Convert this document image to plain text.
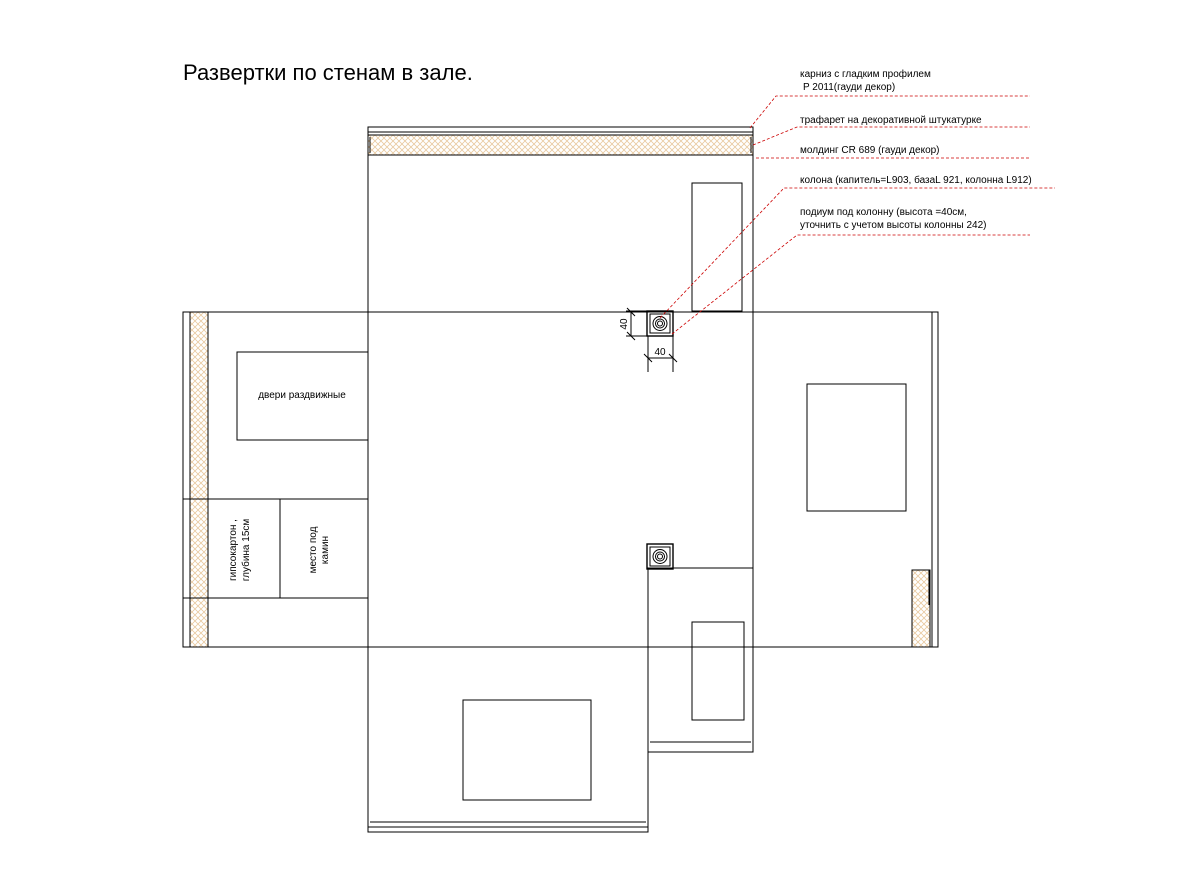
Развертки по стенам в зале.	карниз с гладким профилем
P 2011(гауди декор)
трафарет на декоративной штукатурке
молдинг CR 689 (гауди декор)
колона (капитель=L903, базаL 921, колонна L912)
подиум под колонну (высота =40см,
уточнить с учетом высоты колонны 242)
двери раздвижные
гипсокартон , глубина 15см	место под камин
40
40
